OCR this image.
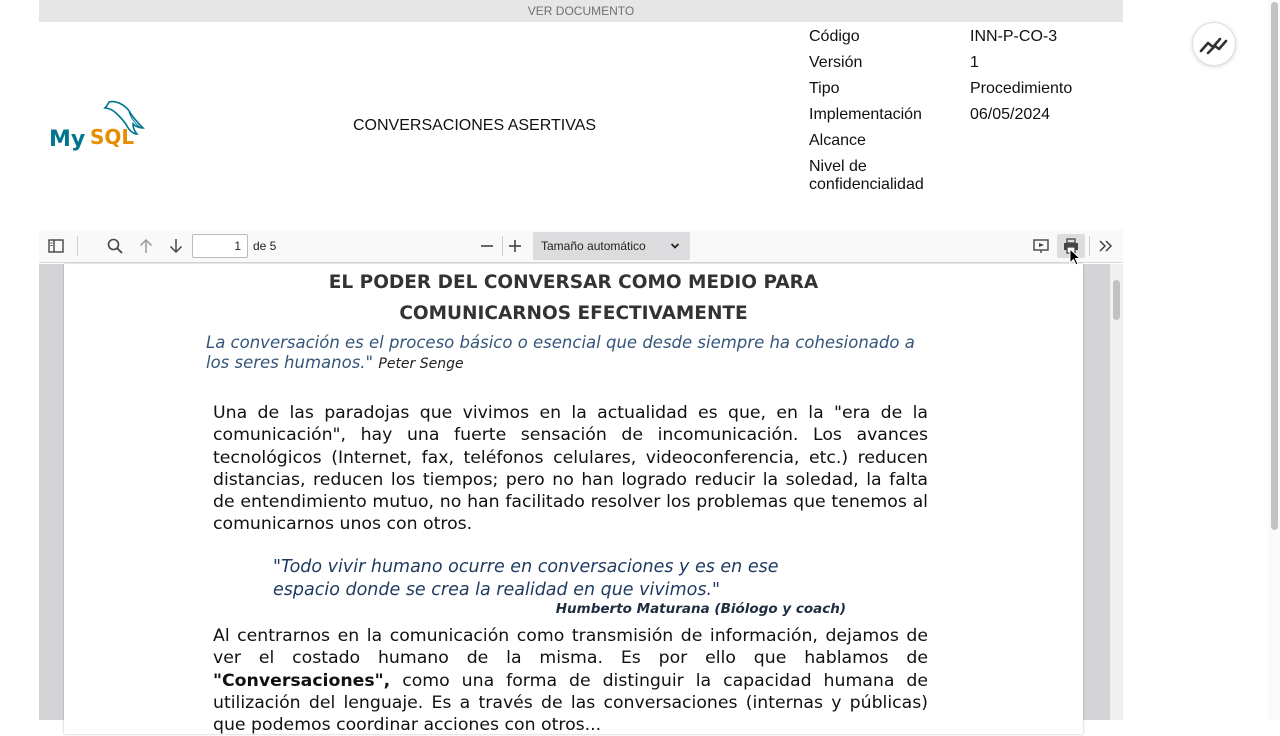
VER DOCUMENTO
My SQL	CONVERSACIONES ASERTIVAS
Código	INN-P-CO-3
Versión	1
Tipo	Procedimiento
Implementación	06/05/2024
Alcance
Nivel de confidencialidad
1
de 5	Tamaño automático
EL PODER DEL CONVERSAR COMO MEDIO PARA
COMUNICARNOS EFECTIVAMENTE
La conversación es el proceso básico o esencial que desde siempre ha cohesionado a los seres humanos." Peter Senge
Una de las paradojas que vivimos en la actualidad es que, en la "era de la comunicación", hay una fuerte sensación de incomunicación. Los avances tecnológicos (Internet, fax, teléfonos celulares, videoconferencia, etc.) reducen distancias, reducen los tiempos; pero no han logrado reducir la soledad, la falta de entendimiento mutuo, no han facilitado resolver los problemas que tenemos al comunicarnos unos con otros.
"Todo vivir humano ocurre en conversaciones y es en ese
espacio donde se crea la realidad en que vivimos."
Humberto Maturana (Biólogo y coach)
Al centrarnos en la comunicación como transmisión de información, dejamos de ver el costado humano de la misma. Es por ello que hablamos de "Conversaciones", como una forma de distinguir la capacidad humana de utilización del lenguaje. Es a través de las conversaciones (internas y públicas) que podemos coordinar acciones con otros...
